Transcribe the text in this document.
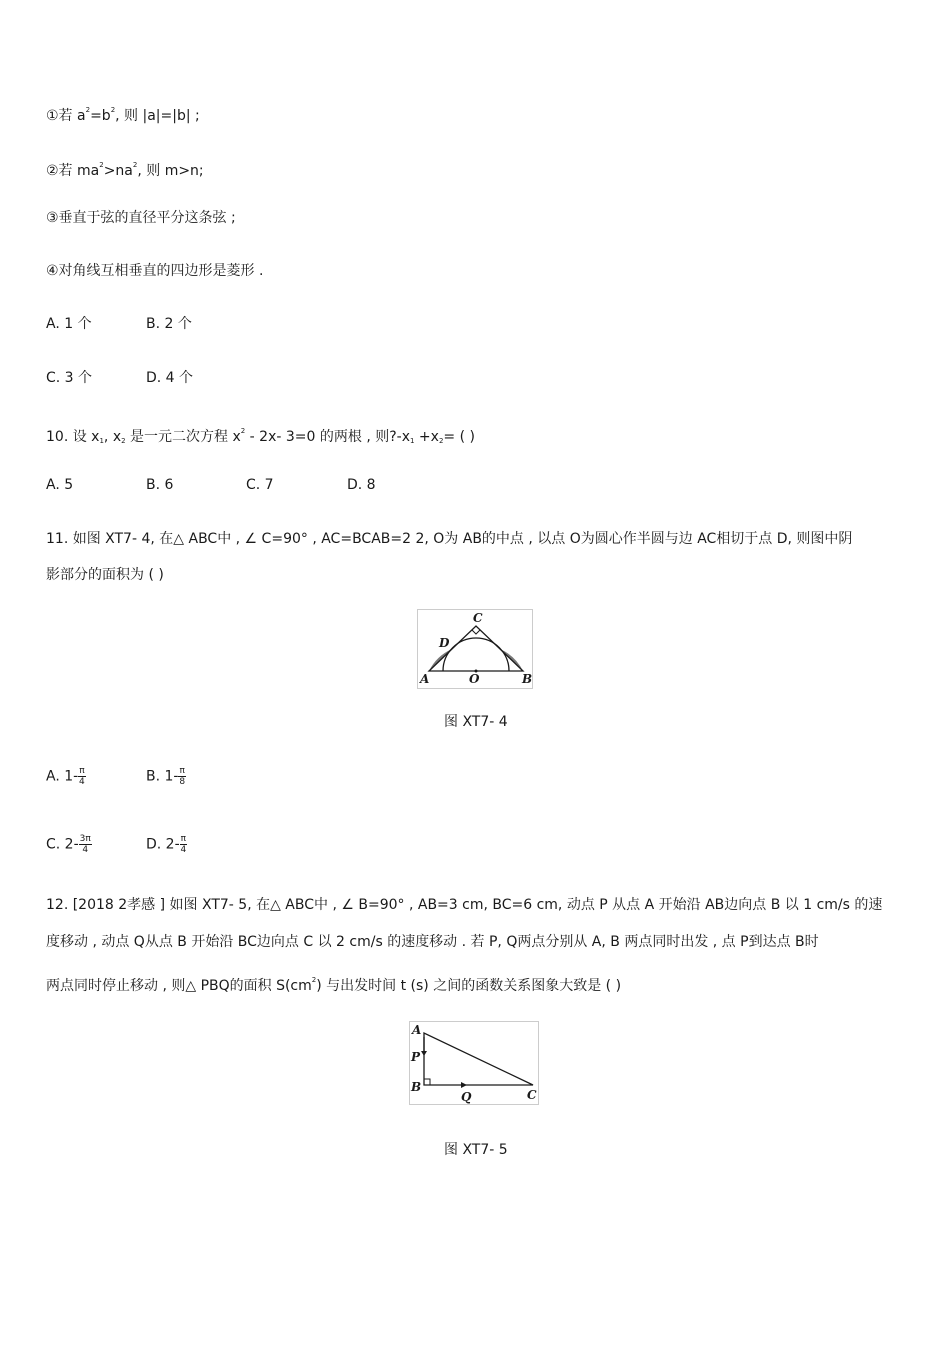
①若 $a^2=b^2$, 则 |a|=|b| ;
②若 $ma^2>na^2$, 则 m>n;
③垂直于弦的直径平分这条弦 ;
④对角线互相垂直的四边形是菱形 .
A. 1 个	B. 2 个
C. 3 个	D. 4 个
10. 设 $x_1$, $x_2$ 是一元二次方程 $x^2 - 2x-$ 3=0 的两根 , 则$?-x_1 +x_2=$ ( )
A. 5	B. 6	C. 7	D. 8
11. 如图 XT7- 4, 在△ ABC中 , ∠ C=90° , AC=BCAB=2 2, O为 AB的中点 , 以点 O为圆心作半圆与边 AC相切于点 D, 则图中阴
影部分的面积为 ( )
A	B
C
D
O
图 XT7- 4
A. $1- \frac{\pi}{4}$	B. $1- \frac{\pi}{8}$
C. $2- \frac{3\pi}{4}$	D. $2- \frac{\pi}{4}$
12. [2018 2孝感 ] 如图 XT7- 5, 在△ ABC中 , ∠ B=90° , AB=3 cm, BC=6 cm, 动点 P 从点 A 开始沿 AB边向点 B 以 1 cm/s 的速
度移动 , 动点 Q从点 B 开始沿 BC边向点 C 以 2 cm/s 的速度移动 . 若 P, Q两点分别从 A, B 两点同时出发 , 点 P到达点 B时
两点同时停止移动 , 则△ PBQ的面积 $S(cm^2)$ 与出发时间 t (s) 之间的函数关系图象大致是 ( )
A
P
B
Q	C
图 XT7- 5
